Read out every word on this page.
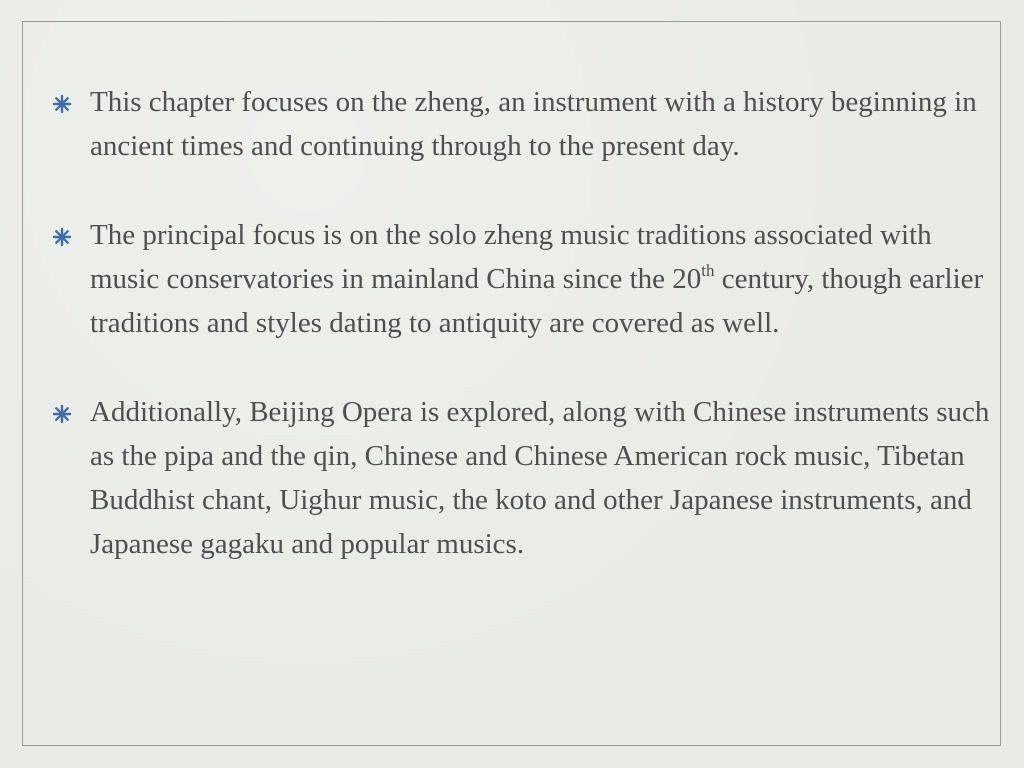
This chapter focuses on the zheng, an instrument with a history beginning in ancient times and continuing through to the present day.
The principal focus is on the solo zheng music traditions associated with music conservatories in mainland China since the 20th century, though earlier traditions and styles dating to antiquity are covered as well.
Additionally, Beijing Opera is explored, along with Chinese instruments such as the pipa and the qin, Chinese and Chinese American rock music, Tibetan Buddhist chant, Uighur music, the koto and other Japanese instruments, and Japanese gagaku and popular musics.
